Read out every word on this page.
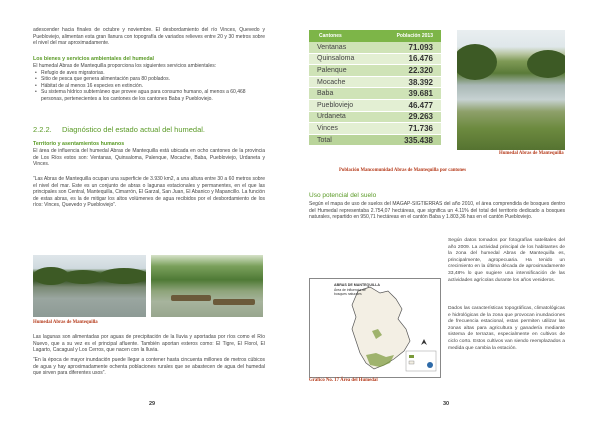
adescender hacia finales de octubre y noviembre. El desbordamiento del río Vinces, Quevedo y Puebloviejo, alimentan esta gran llanura con topografía de variados relieves entre 20 y 30 metros sobre el nivel del mar aproximadamente.
Los bienes y servicios ambientales del humedal
El humedal Abras de Mantequilla proporciona los siguientes servicios ambientales:
• Refugio de aves migratorias.
• Sitio de pesca que genera alimentación para 80 poblados.
• Hábitat de al menos 16 especies en extinción.
• Su sistema hídrico subterráneo que provee agua para consumo humano, al menos a 60,468 personas, pertenecientes a los cantones de los cantones Baba y Puebloviejo.
2.2.2. Diagnóstico del estado actual del humedal.
Territorio y asentamientos humanos
El área de influencia del humedal Abras de Mantequilla está ubicada en ocho cantones de la provincia de Los Ríos estos son: Ventanas, Quinsaloma, Palenque, Mocache, Baba, Puebloviejo, Urdaneta y Vinces.
“Las Abras de Mantequilla ocupan una superficie de 3.930 km2, a una altura entre 30 a 60 metros sobre el nivel del mar. Este es un conjunto de abras o lagunas estacionales y permanentes, en el que las principales son Central, Mantequilla, Cimarrón, El Garzal, San Juan, El Abanico y Mapancillo. La función de estas abras, es la de mitigar los altos volúmenes de agua recibidos por el desbordamiento de los ríos: Vinces, Quevedo y Puebloviejo”.
Humedal Abras de Mantequilla
Las lagunas son alimentadas por aguas de precipitación de la lluvia y aportadas por ríos como el Río Nuevo, que a su vez es el principal afluente. También aportan esteros como: El Tigre, El Florol, El Lagarto, Cacagual y Los Cerros, que nacen con la lluvia.
“En la época de mayor inundación puede llegar a contener hasta cincuenta millones de metros cúbicos de agua y hay aproximadamente ochenta poblaciones rurales que se abastecen de agua del humedal que sirven para diferentes usos”.
29
Cantones	Población 2013
Ventanas	71.093
Quinsaloma	16.476
Palenque	22.320
Mocache	38.392
Baba	39.681
Puebloviejo	46.477
Urdaneta	29.263
Vinces	71.736
Total	335.438
Población Mancomunidad Abras de Mantequilla por cantones
Humedal Abras de Mantequilla
Uso potencial del suelo
Según el mapa de uso de suelos del MAGAP-SIGTIERRAS del año 2010, el área comprendida de bosques dentro del Humedal representaba 2.754,07 hectáreas, que significa un 4.11% del total del territorio dedicado a bosques naturales, repartido en 950,71 hectáreas en el cantón Baba y 1.803,36 has en el cantón Puebloviejo.
ABRAS DE MANTEQUILLA
Área de influencia de bosques naturales
Gráfico No. 17 Área del Humedal
Según datos tomados por fotografías satelitales del año 2009. La actividad principal de los habitantes de la zona del humedal Abras de Mantequilla es, principalmente, agropecuaria. Ha tenido un crecimiento en la última década de aproximadamente 33,48% lo que sugiere una intensificación de las actividades agrícolas durante los años venideros.
Dados las características topográficas, climatológicas e hidrológicas de la zona que provocan inundaciones de frecuencia estacional, estas permiten utilizar las zonas altas para agricultura y ganadería mediante sistema de terrazas, especialmente en cultivos de ciclo corto. Estos cultivos van siendo reemplazados a medida que cambia la estación.
30
